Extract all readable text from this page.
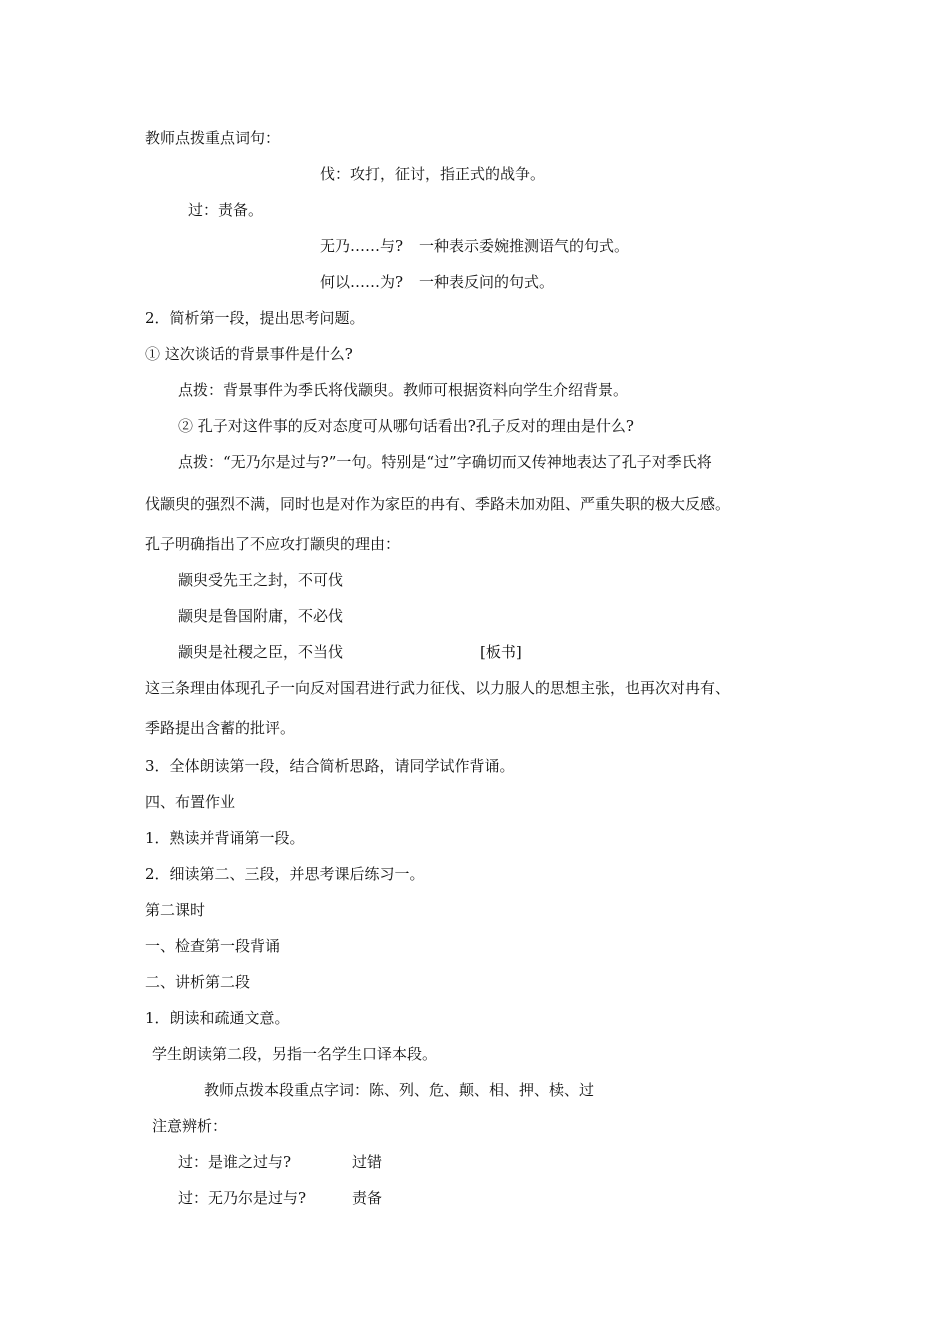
教师点拨重点词句：
伐：攻打，征讨，指正式的战争。
过：责备。
无乃……与? 一种表示委婉推测语气的句式。
何以……为? 一种表反问的句式。
2．简析第一段，提出思考问题。
① 这次谈话的背景事件是什么?
点拨：背景事件为季氏将伐颛臾。教师可根据资料向学生介绍背景。
② 孔子对这件事的反对态度可从哪句话看出?孔子反对的理由是什么?
点拨：“无乃尔是过与?”一句。特别是“过”字确切而又传神地表达了孔子对季氏将
伐颛臾的强烈不满，同时也是对作为家臣的冉有、季路未加劝阻、严重失职的极大反感。
孔子明确指出了不应攻打颛臾的理由：
颛臾受先王之封，不可伐
颛臾是鲁国附庸，不必伐
颛臾是社稷之臣，不当伐	[板书]
这三条理由体现孔子一向反对国君进行武力征伐、以力服人的思想主张，也再次对冉有、
季路提出含蓄的批评。
3．全体朗读第一段，结合简析思路，请同学试作背诵。
四、布置作业
1．熟读并背诵第一段。
2．细读第二、三段，并思考课后练习一。
第二课时
一、检查第一段背诵
二、讲析第二段
1．朗读和疏通文意。
学生朗读第二段，另指一名学生口译本段。
教师点拨本段重点字词：陈、列、危、颠、相、押、椟、过
注意辨析：
过：是谁之过与?	过错
过：无乃尔是过与?	责备
